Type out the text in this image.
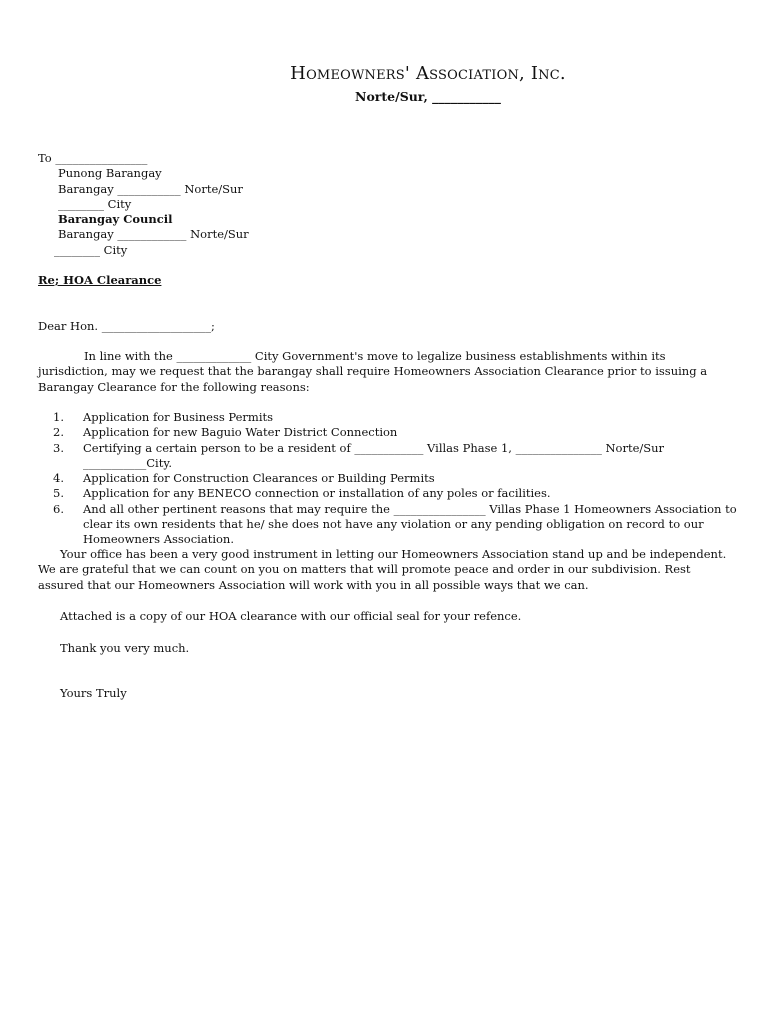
Homeowners' Association, Inc.
Norte/Sur, ___________
To ________________
Punong Barangay
Barangay ___________ Norte/Sur
________ City
Barangay Council
Barangay ____________ Norte/Sur
________ City
Re; HOA Clearance
Dear Hon. ___________________;

In line with the _____________ City Government's move to legalize business establishments within its jurisdiction, may we request that the barangay shall require Homeowners Association Clearance prior to issuing a Barangay Clearance for the following reasons:

1.	Application for Business Permits
2.	Application for new Baguio Water District Connection
3.	Certifying a certain person to be a resident of ____________ Villas Phase 1, _______________ Norte/Sur ___________City.
4.	Application for Construction Clearances or Building Permits
5.	Application for any BENECO connection or installation of any poles or facilities.
6.	And all other pertinent reasons that may require the ________________ Villas Phase 1 Homeowners Association to clear its own residents that he/ she does not have any violation or any pending obligation on record to our Homeowners Association.

Your office has been a very good instrument in letting our Homeowners Association stand up and be independent. We are grateful that we can count on you on matters that will promote peace and order in our subdivision. Rest assured that our Homeowners Association will work with you in all possible ways that we can.

Attached is a copy of our HOA clearance with our official seal for your refence.
Thank you very much.
Yours Truly
